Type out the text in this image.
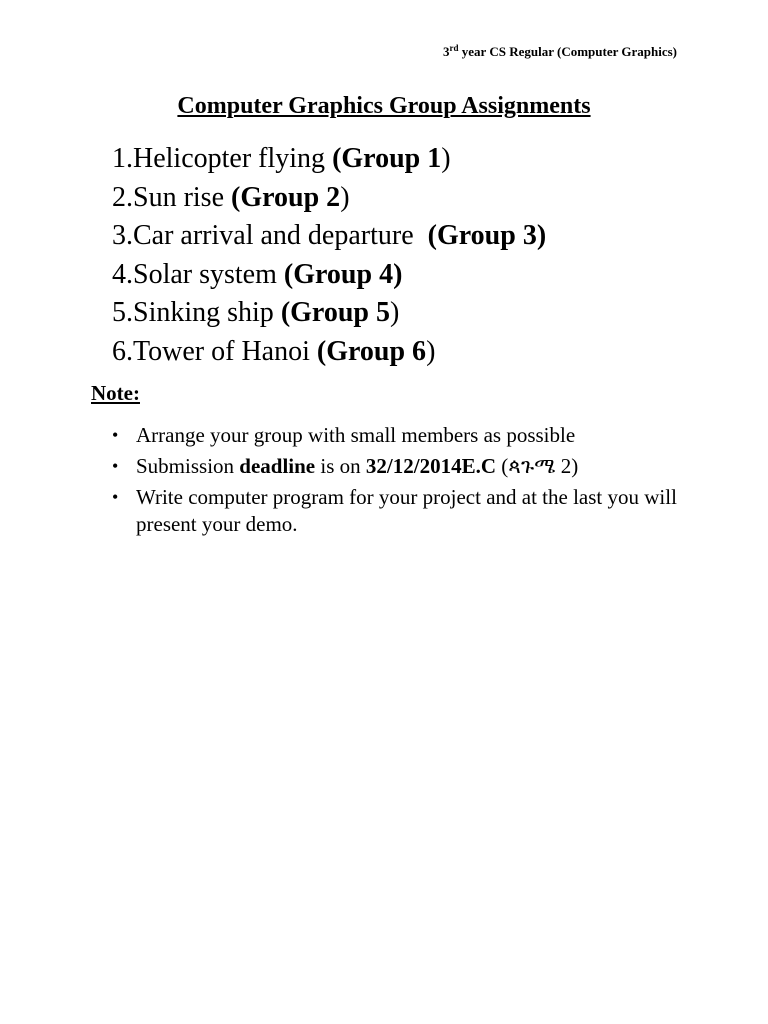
3rd year CS Regular (Computer Graphics)
Computer Graphics Group Assignments
1.Helicopter flying (Group 1)
2.Sun rise (Group 2)
3.Car arrival and departure  (Group 3)
4.Solar system (Group 4)
5.Sinking ship (Group 5)
6.Tower of Hanoi (Group 6)
Note:
• Arrange your group with small members as possible
• Submission deadline is on 32/12/2014E.C (ጳጉሜ 2)
• Write computer program for your project and at the last you will present your demo.
